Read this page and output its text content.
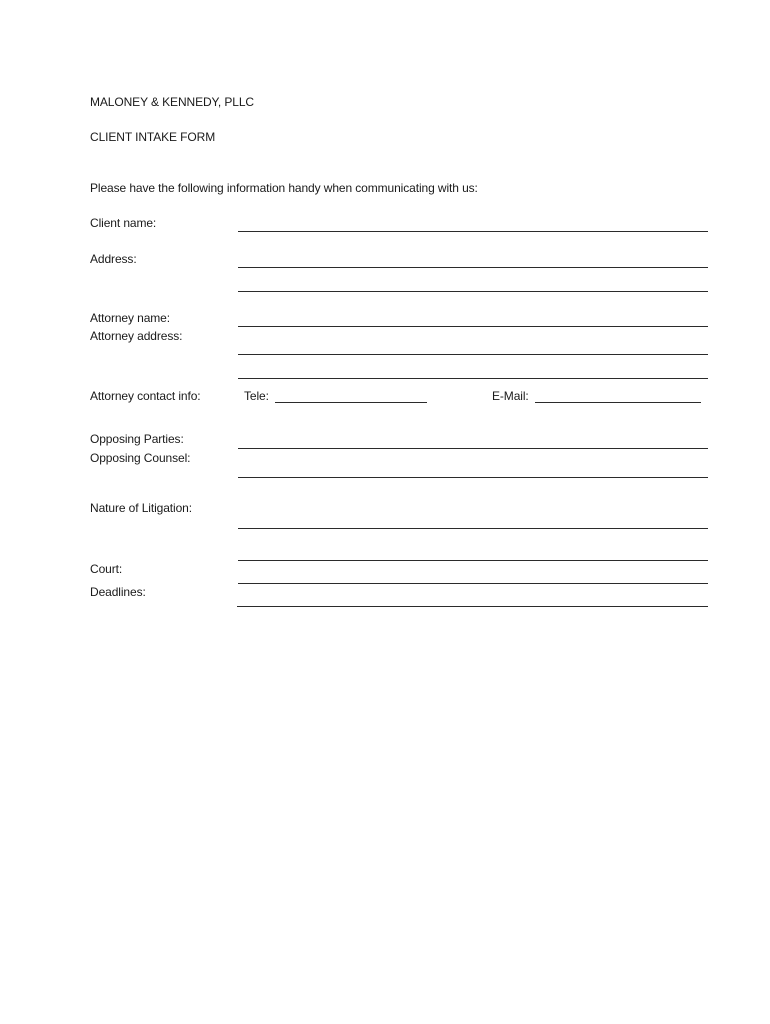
MALONEY & KENNEDY, PLLC
CLIENT INTAKE FORM
Please have the following information handy when communicating with us:
Client name:
Address:
Attorney name:
Attorney address:
Attorney contact info:	Tele:	E-Mail:
Opposing Parties:
Opposing Counsel:
Nature of Litigation:
Court:
Deadlines:
